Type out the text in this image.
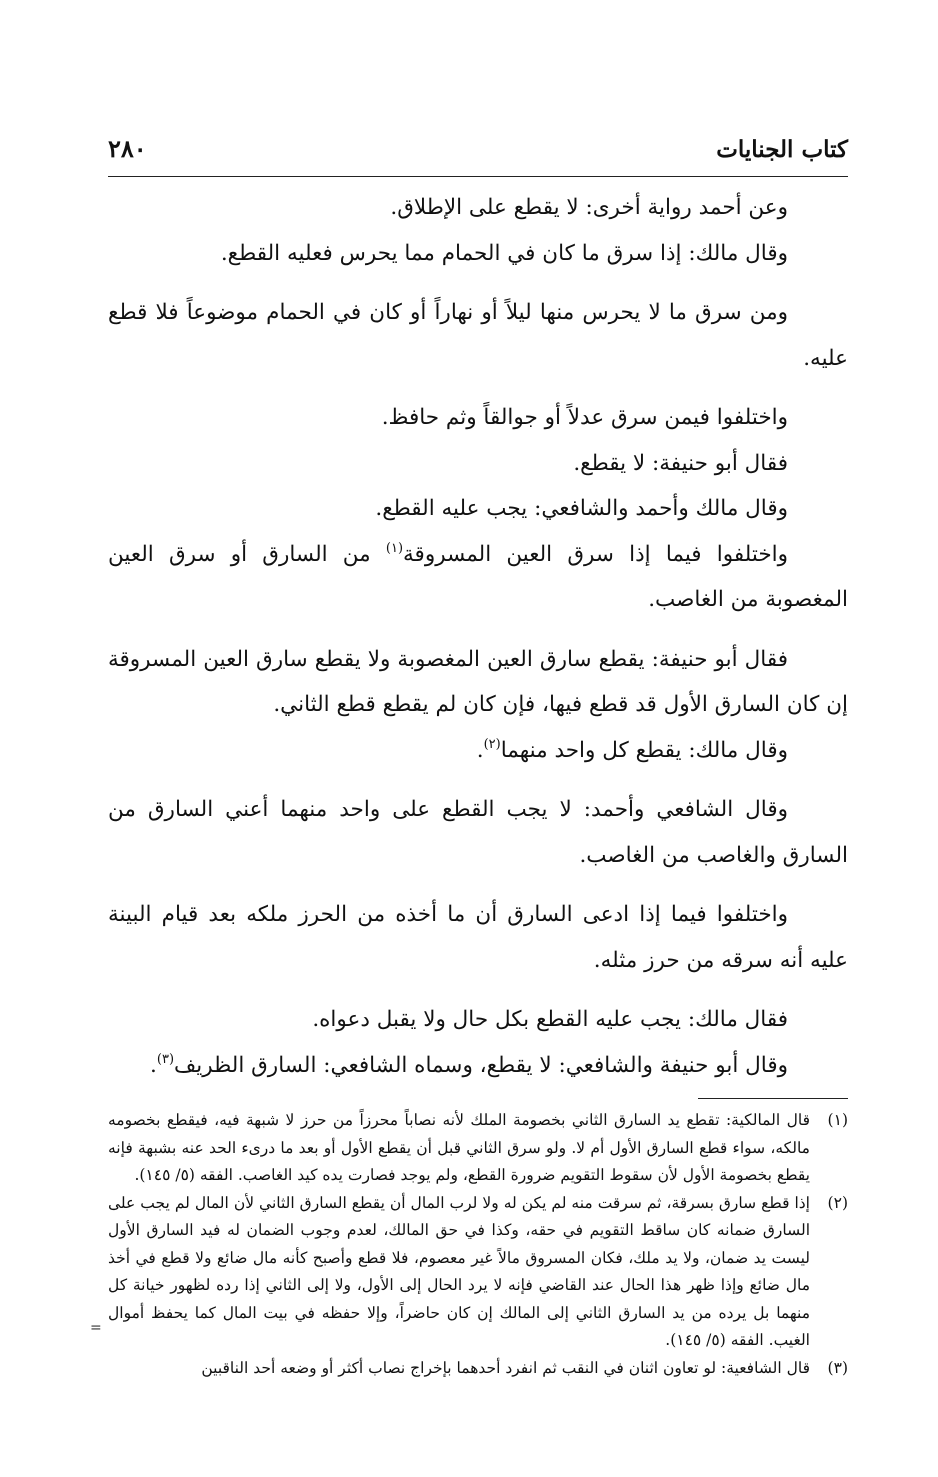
كتاب الجنايات
٢٨٠

وعن أحمد رواية أخرى: لا يقطع على الإطلاق.

وقال مالك: إذا سرق ما كان في الحمام مما يحرس فعليه القطع.

ومن سرق ما لا يحرس منها ليلاً أو نهاراً أو كان في الحمام موضوعاً فلا قطع عليه.

واختلفوا فيمن سرق عدلاً أو جوالقاً وثم حافظ.

فقال أبو حنيفة: لا يقطع.

وقال مالك وأحمد والشافعي: يجب عليه القطع.

واختلفوا فيما إذا سرق العين المسروقة$^{(١)}$ من السارق أو سرق العين المغصوبة من الغاصب.

فقال أبو حنيفة: يقطع سارق العين المغصوبة ولا يقطع سارق العين المسروقة إن كان السارق الأول قد قطع فيها، فإن كان لم يقطع قطع الثاني.

وقال مالك: يقطع كل واحد منهما$^{(٢)}$.

وقال الشافعي وأحمد: لا يجب القطع على واحد منهما أعني السارق من السارق والغاصب من الغاصب.

واختلفوا فيما إذا ادعى السارق أن ما أخذه من الحرز ملكه بعد قيام البينة عليه أنه سرقه من حرز مثله.

فقال مالك: يجب عليه القطع بكل حال ولا يقبل دعواه.

وقال أبو حنيفة والشافعي: لا يقطع، وسماه الشافعي: السارق الظريف$^{(٣)}$.

(١)
قال المالكية: تقطع يد السارق الثاني بخصومة الملك لأنه نصاباً محرزاً من حرز لا شبهة فيه، فيقطع بخصومه مالكه، سواء قطع السارق الأول أم لا. ولو سرق الثاني قبل أن يقطع الأول أو بعد ما درىء الحد عنه بشبهة فإنه يقطع بخصومة الأول لأن سقوط التقويم ضرورة القطع، ولم يوجد فصارت يده كيد الغاصب. الفقه (٥/ ١٤٥).
(٢)
إذا قطع سارق بسرقة، ثم سرقت منه لم يكن له ولا لرب المال أن يقطع السارق الثاني لأن المال لم يجب على السارق ضمانه كان ساقط التقويم في حقه، وكذا في حق المالك، لعدم وجوب الضمان له فيد السارق الأول ليست يد ضمان، ولا يد ملك، فكان المسروق مالاً غير معصوم، فلا قطع وأصبح كأنه مال ضائع ولا قطع في أخذ مال ضائع وإذا ظهر هذا الحال عند القاضي فإنه لا يرد الحال إلى الأول، ولا إلى الثاني إذا رده لظهور خيانة كل منهما بل يرده من يد السارق الثاني إلى المالك إن كان حاضراً، وإلا حفظه في بيت المال كما يحفظ أموال الغيب. الفقه (٥/ ١٤٥).
(٣)
قال الشافعية: لو تعاون اثنان في النقب ثم انفرد أحدهما بإخراج نصاب أكثر أو وضعه أحد الناقبين
=
